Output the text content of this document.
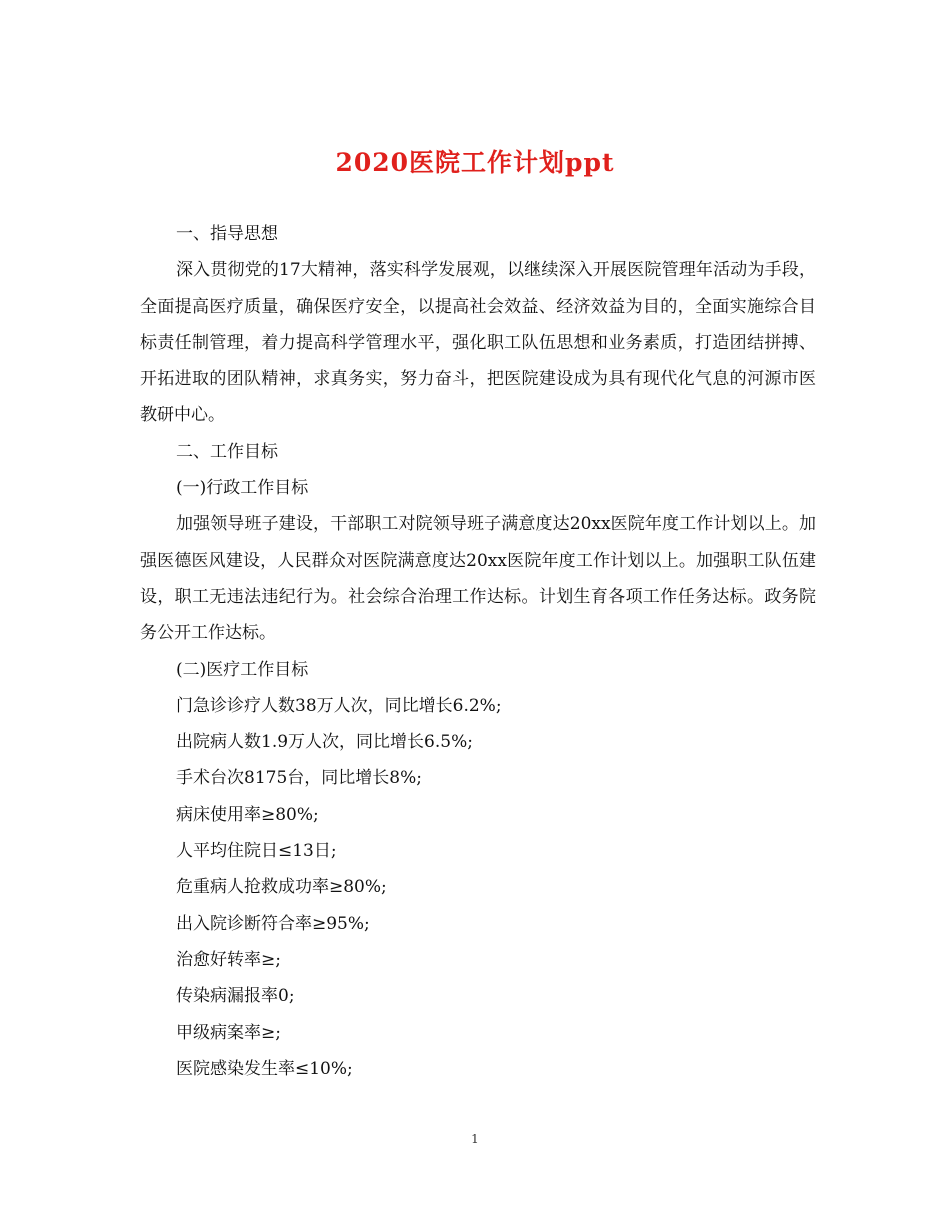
2020医院工作计划ppt

一、指导思想

深入贯彻党的17大精神，落实科学发展观，以继续深入开展医院管理年活动为手段，全面提高医疗质量，确保医疗安全，以提高社会效益、经济效益为目的，全面实施综合目标责任制管理，着力提高科学管理水平，强化职工队伍思想和业务素质，打造团结拼搏、开拓进取的团队精神，求真务实，努力奋斗，把医院建设成为具有现代化气息的河源市医教研中心。

二、工作目标

(一)行政工作目标

加强领导班子建设，干部职工对院领导班子满意度达20xx医院年度工作计划以上。加强医德医风建设，人民群众对医院满意度达20xx医院年度工作计划以上。加强职工队伍建设，职工无违法违纪行为。社会综合治理工作达标。计划生育各项工作任务达标。政务院务公开工作达标。

(二)医疗工作目标

门急诊诊疗人数38万人次，同比增长6.2%;

出院病人数1.9万人次，同比增长6.5%;

手术台次8175台，同比增长8%;

病床使用率≥80%;

人平均住院日≤13日;

危重病人抢救成功率≥80%;

出入院诊断符合率≥95%;

治愈好转率≥;

传染病漏报率0;

甲级病案率≥;

医院感染发生率≤10%;

1
